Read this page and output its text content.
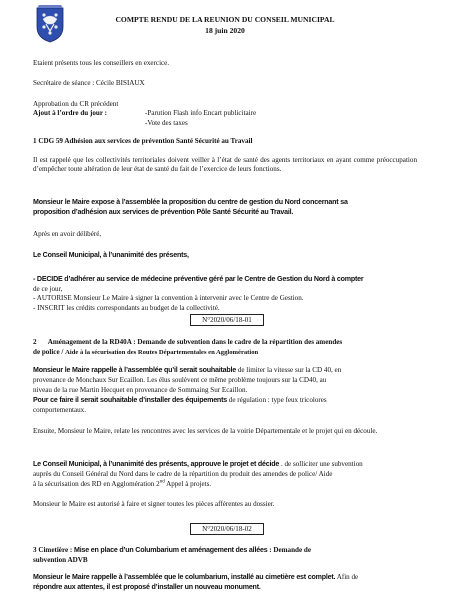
COMPTE RENDU DE LA REUNION DU CONSEIL MUNICIPAL
18 juin 2020
Etaient présents tous les conseillers en exercice.
Secrétaire de séance : Cécile BISIAUX
Approbation du CR précédent
Ajout à l’ordre du jour :	-Parution Flash info Encart publicitaire
-Vote des taxes
1 CDG 59 Adhésion aux services de prévention Santé Sécurité au Travail
Il est rappelé que les collectivités territoriales doivent veiller à l’état de santé des agents territoriaux en ayant comme préoccupation d’empêcher toute altération de leur état de santé du fait de l’exercice de leurs fonctions.
Monsieur le Maire expose à l’assemblée la proposition du centre de gestion du Nord concernant sa
proposition d’adhésion aux services de prévention Pôle Santé Sécurité au Travail.
Après en avoir délibéré,
Le Conseil Municipal, à l’unanimité des présents,
- DECIDE d’adhérer au service de médecine préventive géré par le Centre de Gestion du Nord à compter
de ce jour,
- AUTORISE Monsieur Le Maire à signer la convention à intervenir avec le Centre de Gestion.
- INSCRIT les crédits correspondants au budget de la collectivité.
N°2020/06/18-01
2 Aménagement de la RD40A : Demande de subvention dans le cadre de la répartition des amendes
de police / Aide à la sécurisation des Routes Départementales en Agglomération
Monsieur le Maire rappelle à l’assemblée qu’il serait souhaitable de limiter la vitesse sur la CD 40, en
provenance de Monchaux Sur Ecaillon. Les élus soulèvent ce même problème toujours sur la CD40, au
niveau de la rue Martin Hecquet en provenance de Sommaing Sur Ecaillon.
Pour ce faire il serait souhaitable d’installer des équipements de régulation : type feux tricolores
comportementaux.
Ensuite, Monsieur le Maire, relate les rencontres avec les services de la voirie Départementale et le projet qui en découle.
Le Conseil Municipal, à l’unanimité des présents, approuve le projet et décide . de solliciter une subvention
auprès du Conseil Général du Nord dans le cadre de la répartition du produit des amendes de police/ Aide
à la sécurisation des RD en Agglomération 2nd Appel à projets.
Monsieur le Maire est autorisé à faire et signer toutes les pièces afférentes au dossier.
N°2020/06/18-02
3 Cimetière : Mise en place d’un Columbarium et aménagement des allées : Demande de
subvention ADVB
Monsieur le Maire rappelle à l’assemblée que le columbarium, installé au cimetière est complet. Afin de
répondre aux attentes, il est proposé d’installer un nouveau monument.
